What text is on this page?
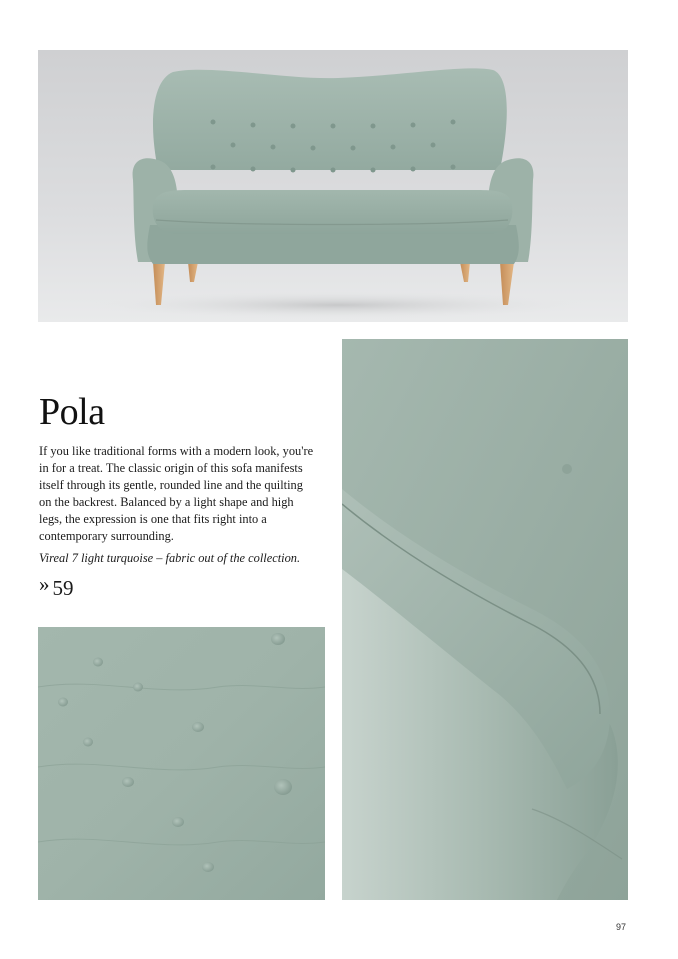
Pola

If you like traditional forms with a modern look, you're in for a treat. The classic origin of this sofa manifests itself through its gentle, rounded line and the quilting on the backrest. Balanced by a light shape and high legs, the expression is one that fits right into a contemporary surrounding.

Vireal 7 light turquoise – fabric out of the collection.

» 59

97
